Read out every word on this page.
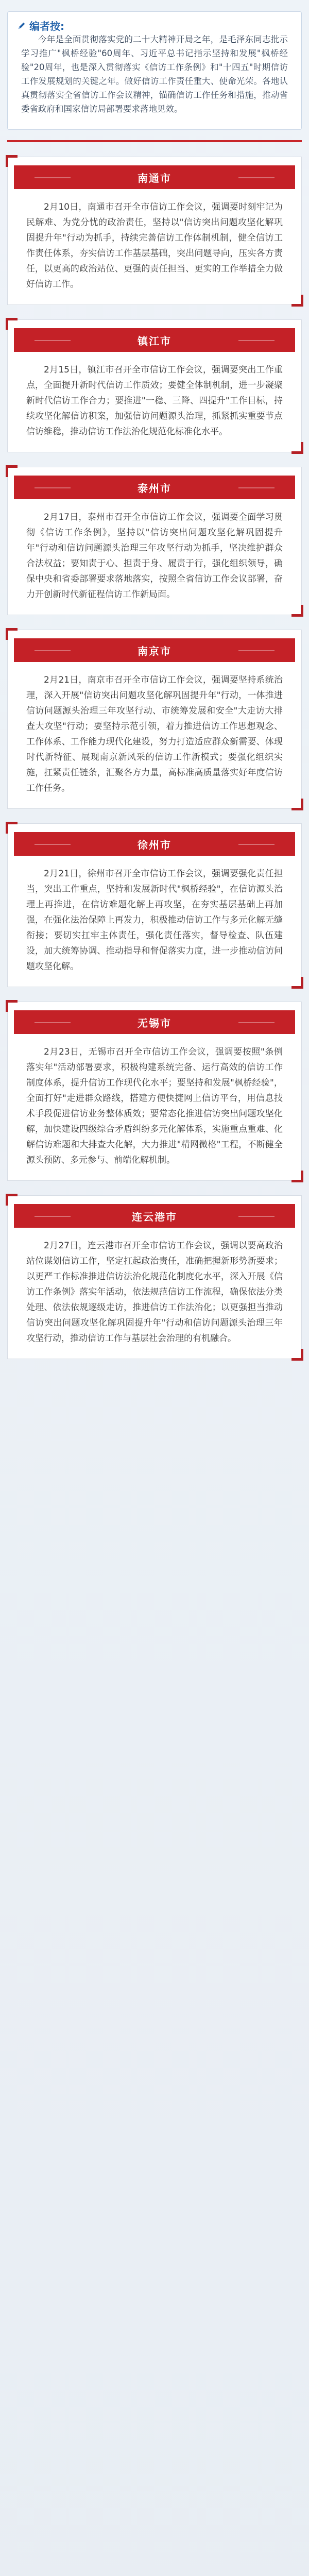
编者按:

今年是全面贯彻落实党的二十大精神开局之年，是毛泽东同志批示学习推广"枫桥经验"60周年、习近平总书记指示坚持和发展"枫桥经验"20周年，也是深入贯彻落实《信访工作条例》和"十四五"时期信访工作发展规划的关键之年。做好信访工作责任重大、使命光荣。各地认真贯彻落实全省信访工作会议精神，锚确信访工作任务和措施，推动省委省政府和国家信访局部署要求落地见效。

南通市

2月10日，南通市召开全市信访工作会议，强调要时刻牢记为民解难、为党分忧的政治责任，坚持以"信访突出问题攻坚化解巩固提升年"行动为抓手，持续完善信访工作体制机制，健全信访工作责任体系，夯实信访工作基层基础，突出问题导向，压实各方责任，以更高的政治站位、更强的责任担当、更实的工作举措全力做好信访工作。

镇江市

2月15日，镇江市召开全市信访工作会议，强调要突出工作重点，全面提升新时代信访工作质效；要健全体制机制，进一步凝聚新时代信访工作合力；要推进"一稳、三降、四提升"工作目标，持续攻坚化解信访积案，加强信访问题源头治理，抓紧抓实重要节点信访维稳，推动信访工作法治化规范化标准化水平。

泰州市

2月17日，泰州市召开全市信访工作会议，强调要全面学习贯彻《信访工作条例》，坚持以"信访突出问题攻坚化解巩固提升年"行动和信访问题源头治理三年攻坚行动为抓手，坚决维护群众合法权益；要知责于心、担责于身、履责于行，强化组织领导，确保中央和省委部署要求落地落实，按照全省信访工作会议部署，奋力开创新时代新征程信访工作新局面。

南京市

2月21日，南京市召开全市信访工作会议，强调要坚持系统治理，深入开展"信访突出问题攻坚化解巩固提升年"行动，一体推进信访问题源头治理三年攻坚行动、市统筹发展和安全"大走访大排查大攻坚"行动；要坚持示范引领，着力推进信访工作思想观念、工作体系、工作能力现代化建设，努力打造适应群众新需要、体现时代新特征、展现南京新风采的信访工作新模式；要强化组织实施，扛紧责任链条，汇聚各方力量，高标准高质量落实好年度信访工作任务。

徐州市

2月21日，徐州市召开全市信访工作会议，强调要强化责任担当，突出工作重点，坚持和发展新时代"枫桥经验"，在信访源头治理上再推进，在信访难题化解上再攻坚，在夯实基层基础上再加强，在强化法治保障上再发力，积极推动信访工作与多元化解无缝衔接；要切实扛牢主体责任，强化责任落实，督导检查、队伍建设，加大统筹协调、推动指导和督促落实力度，进一步推动信访问题攻坚化解。

无锡市

2月23日，无锡市召开全市信访工作会议，强调要按照"条例落实年"活动部署要求，积极构建系统完备、运行高效的信访工作制度体系，提升信访工作现代化水平；要坚持和发展"枫桥经验"，全面打好"走进群众路线，搭建方便快捷网上信访平台，用信息技术手段促进信访业务整体质效；要常态化推进信访突出问题攻坚化解，加快建设四级综合矛盾纠纷多元化解体系，实施重点重难、化解信访难题和大排查大化解，大力推进"精网微格"工程，不断健全源头预防、多元参与、前端化解机制。

连云港市

2月27日，连云港市召开全市信访工作会议，强调以要高政治站位谋划信访工作，坚定扛起政治责任，准确把握新形势新要求；以更严工作标准推进信访法治化规范化制度化水平，深入开展《信访工作条例》落实年活动，依法规范信访工作流程，确保依法分类处理、依法依规逐级走访，推进信访工作法治化；以更强担当推动信访突出问题攻坚化解巩固提升年"行动和信访问题源头治理三年攻坚行动，推动信访工作与基层社会治理的有机融合。
